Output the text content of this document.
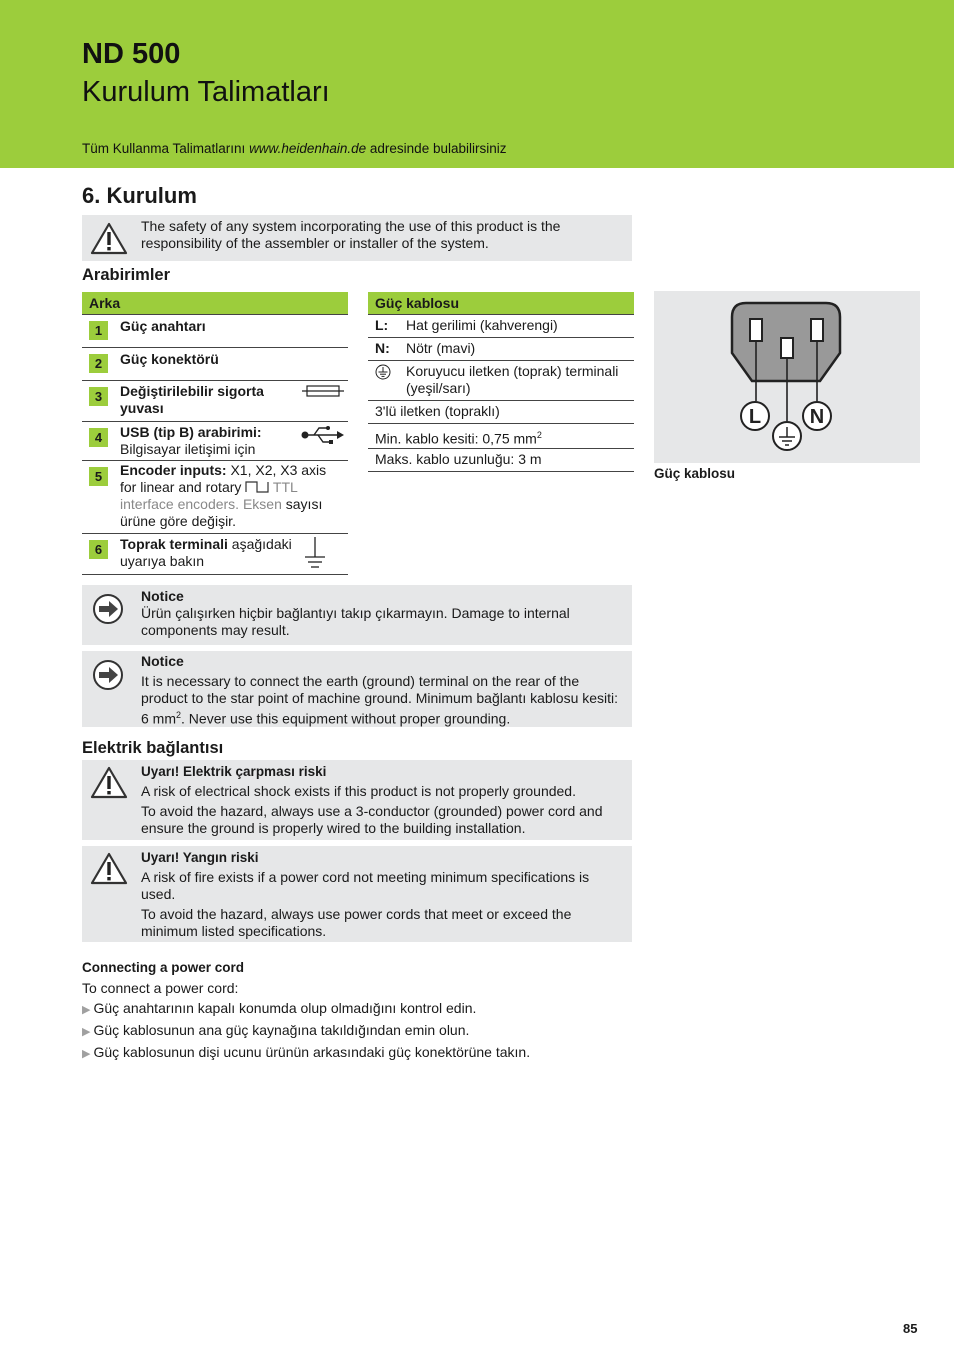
ND 500
Kurulum Talimatları
Tüm Kullanma Talimatlarını www.heidenhain.de adresinde bulabilirsiniz
6. Kurulum
The safety of any system incorporating the use of this product is the responsibility of the assembler or installer of the system.
Arabirimler
Arka
1	Güç anahtarı
2	Güç konektörü
3	Değiştirilebilir sigorta yuvası
4	USB (tip B) arabirimi:
Bilgisayar iletişimi için
5	Encoder inputs: X1, X2, X3 axis for linear and rotary  TTL interface encoders. Eksen sayısı ürüne göre değişir.
6	Toprak terminali aşağıdaki uyarıya bakın
Güç kablosu
L: Hat gerilimi (kahverengi)
N: Nötr (mavi)
Koruyucu iletken (toprak) terminali (yeşil/sarı)
3'lü iletken (topraklı)
Min. kablo kesiti: 0,75 $mm^2$
Maks. kablo uzunluğu: 3 m
L N
Güç kablosu
Notice
Ürün çalışırken hiçbir bağlantıyı takıp çıkarmayın. Damage to internal components may result.
Notice
It is necessary to connect the earth (ground) terminal on the rear of the product to the star point of machine ground. Minimum bağlantı kablosu kesiti: 6 $mm^2$. Never use this equipment without proper grounding.
Elektrik bağlantısı
Uyarı! Elektrik çarpması riski

A risk of electrical shock exists if this product is not properly grounded.

To avoid the hazard, always use a 3-conductor (grounded) power cord and ensure the ground is properly wired to the building installation.

Uyarı! Yangın riski

A risk of fire exists if a power cord not meeting minimum specifications is used.

To avoid the hazard, always use power cords that meet or exceed the minimum listed specifications.

Connecting a power cord
To connect a power cord:
▶ Güç anahtarının kapalı konumda olup olmadığını kontrol edin.
▶ Güç kablosunun ana güç kaynağına takıldığından emin olun.
▶ Güç kablosunun dişi ucunu ürünün arkasındaki güç konektörüne takın.
85
